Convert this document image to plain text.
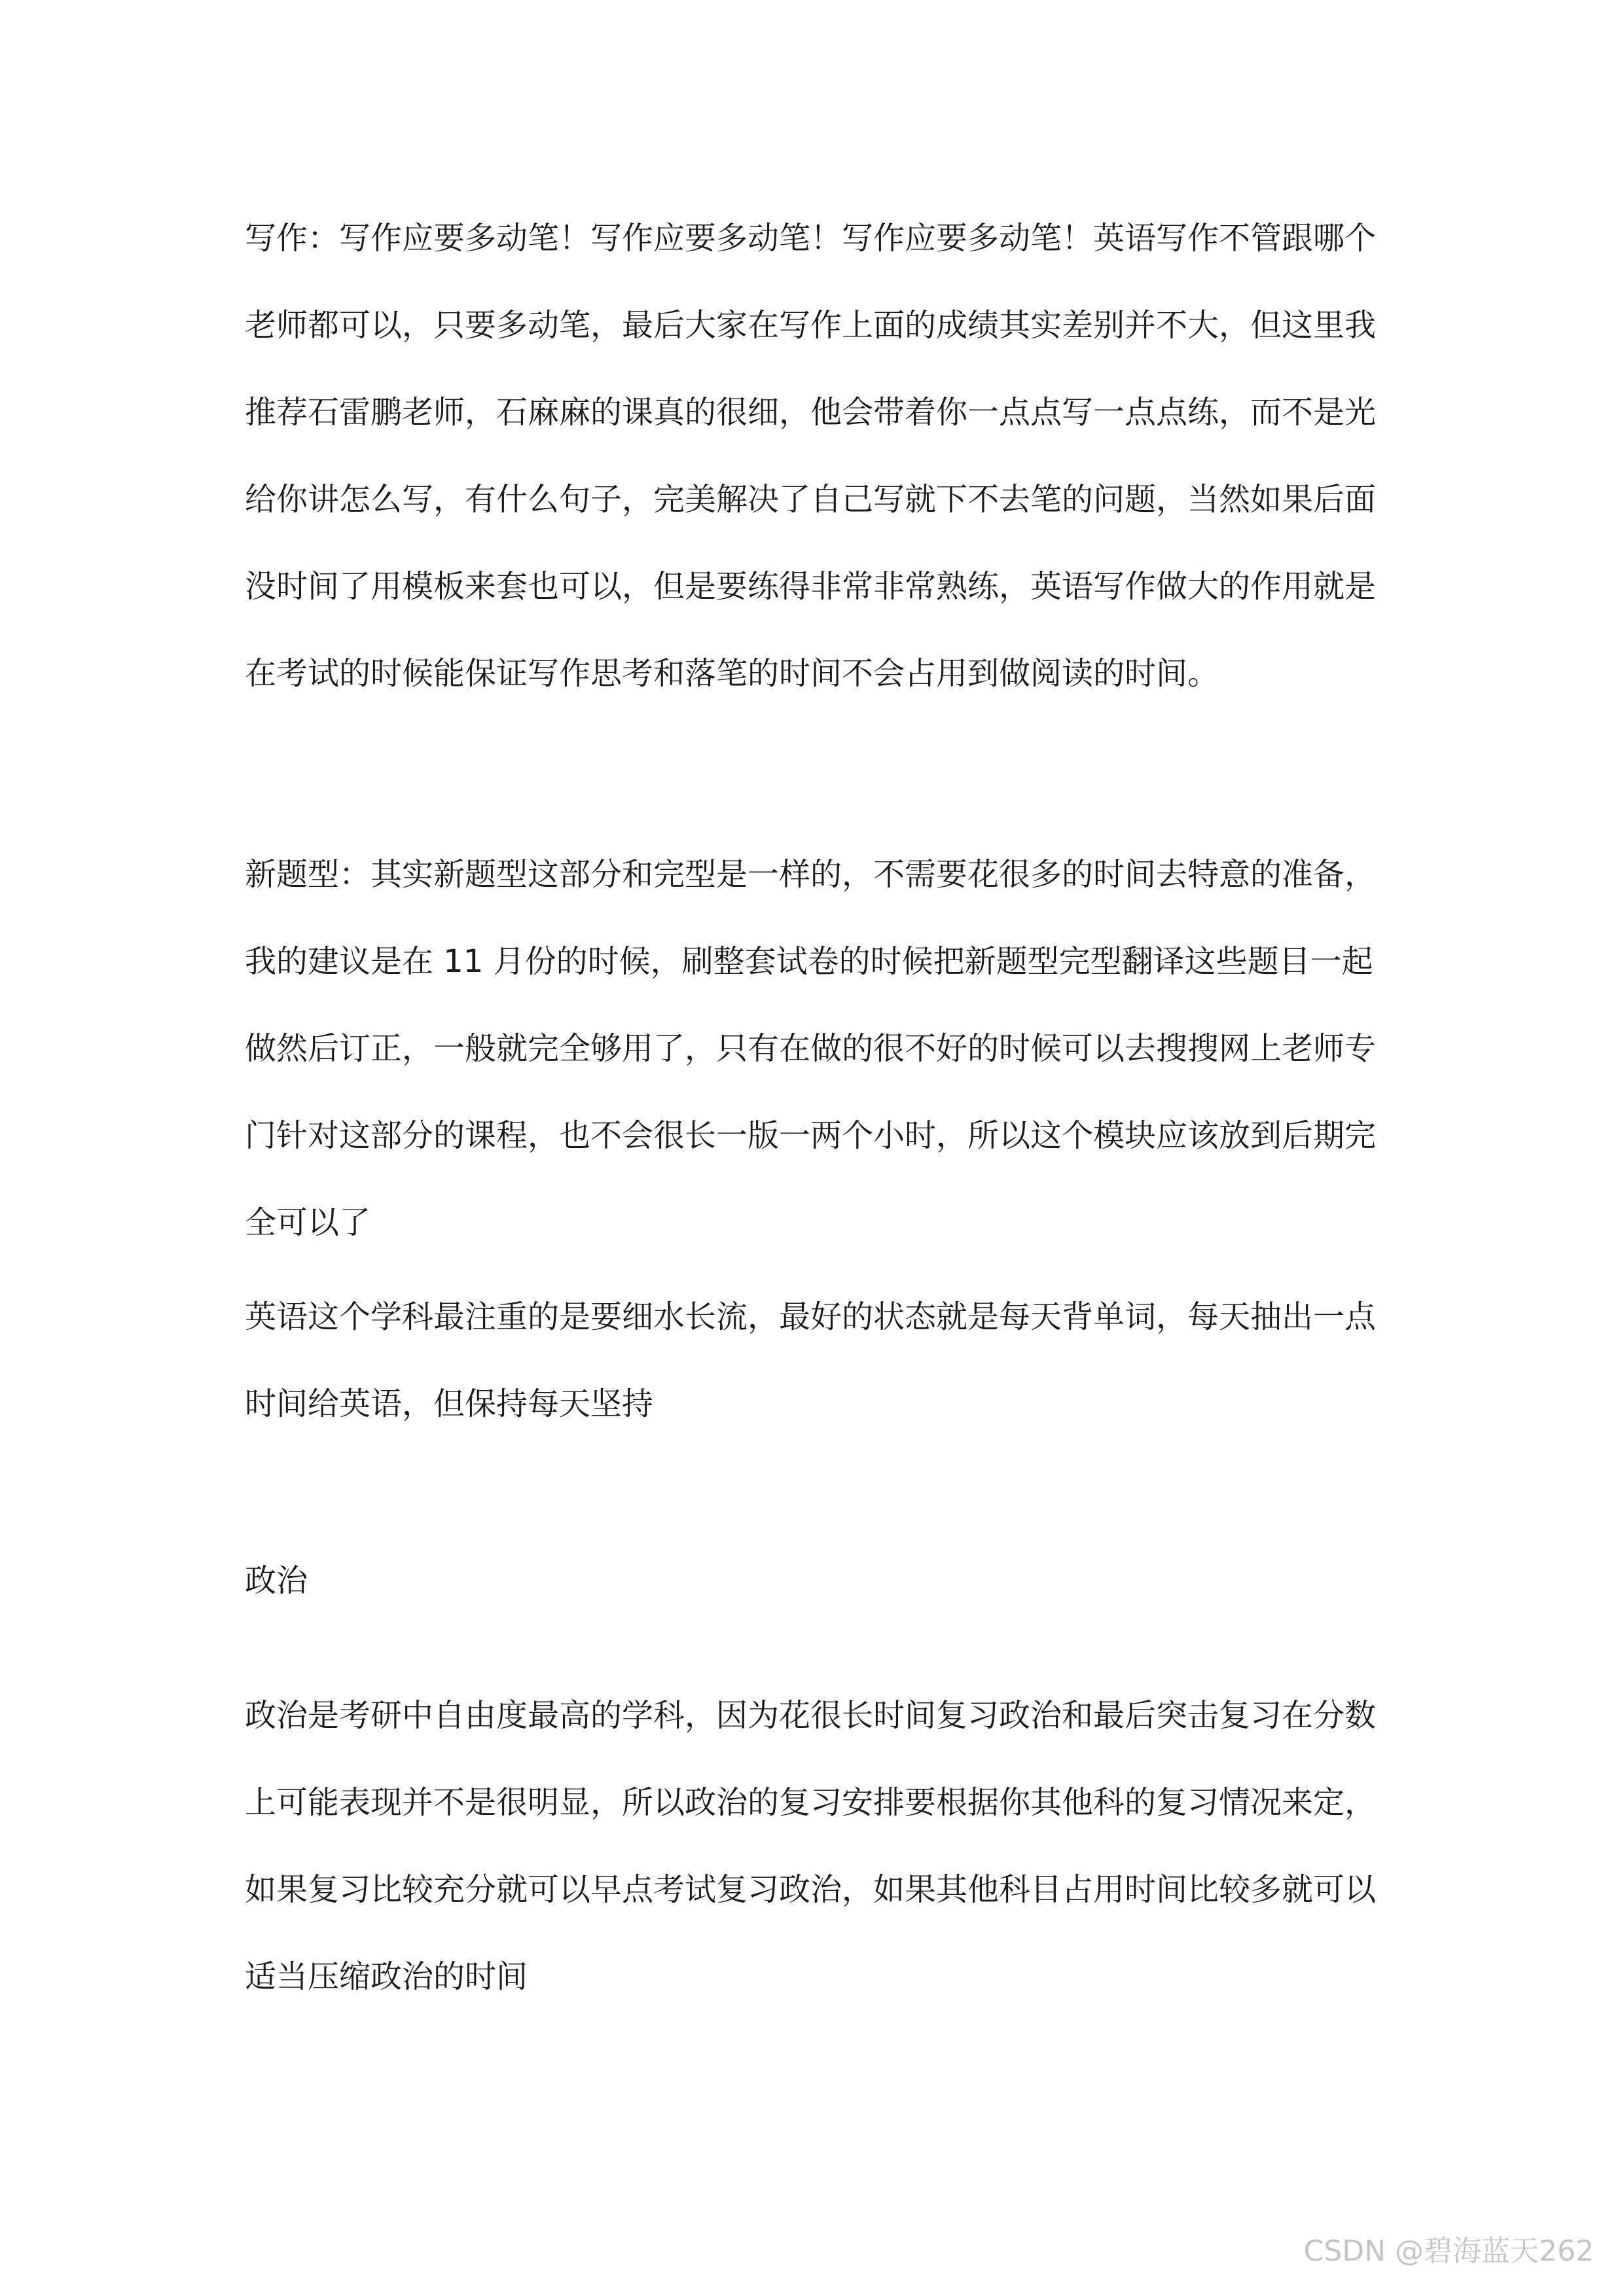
写作：写作应要多动笔！写作应要多动笔！写作应要多动笔！英语写作不管跟哪个老师都可以，只要多动笔，最后大家在写作上面的成绩其实差别并不大，但这里我推荐石雷鹏老师，石麻麻的课真的很细，他会带着你一点点写一点点练，而不是光给你讲怎么写，有什么句子，完美解决了自己写就下不去笔的问题，当然如果后面没时间了用模板来套也可以，但是要练得非常非常熟练，英语写作做大的作用就是在考试的时候能保证写作思考和落笔的时间不会占用到做阅读的时间。

新题型：其实新题型这部分和完型是一样的，不需要花很多的时间去特意的准备，我的建议是在 11 月份的时候，刷整套试卷的时候把新题型完型翻译这些题目一起做然后订正，一般就完全够用了，只有在做的很不好的时候可以去搜搜网上老师专门针对这部分的课程，也不会很长一版一两个小时，所以这个模块应该放到后期完全可以了

英语这个学科最注重的是要细水长流，最好的状态就是每天背单词，每天抽出一点时间给英语，但保持每天坚持

政治

政治是考研中自由度最高的学科，因为花很长时间复习政治和最后突击复习在分数上可能表现并不是很明显，所以政治的复习安排要根据你其他科的复习情况来定，如果复习比较充分就可以早点考试复习政治，如果其他科目占用时间比较多就可以适当压缩政治的时间

CSDN @碧海蓝天262
